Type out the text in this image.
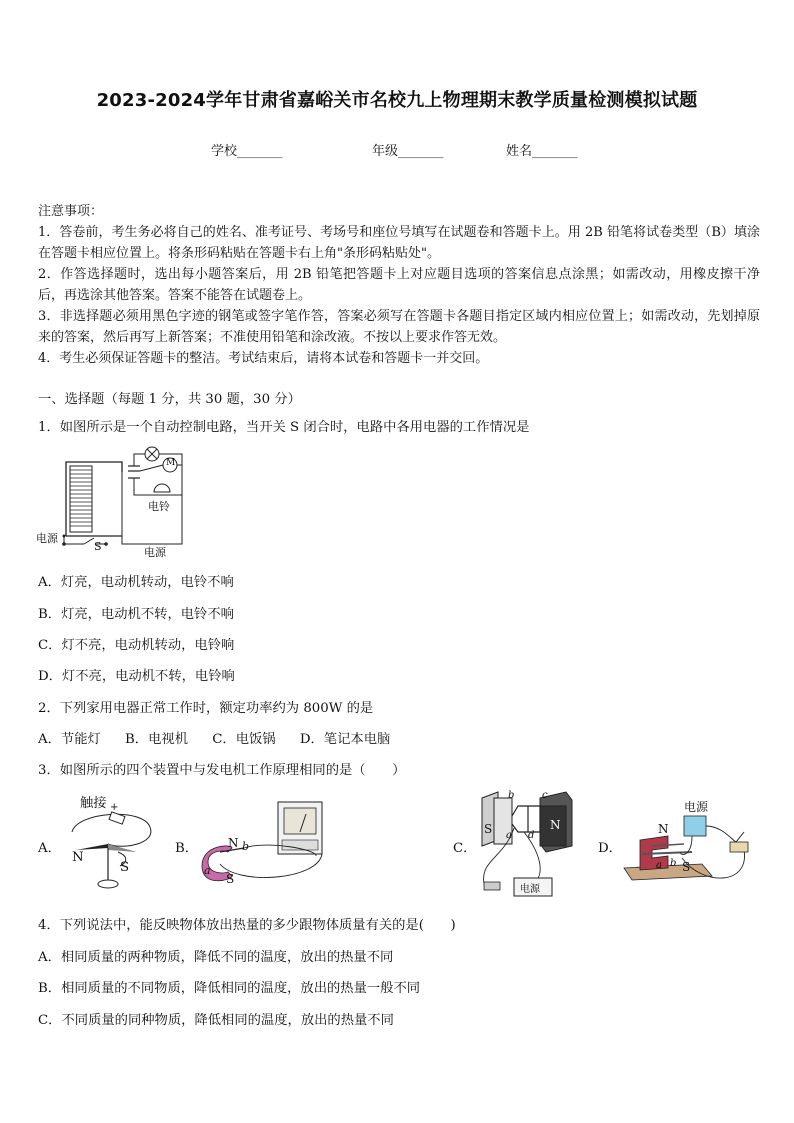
2023-2024学年甘肃省嘉峪关市名校九上物理期末教学质量检测模拟试题
学校_______	年级_______	姓名_______

注意事项：

1．答卷前，考生务必将自己的姓名、准考证号、考场号和座位号填写在试题卷和答题卡上。用 2B 铅笔将试卷类型（B）填涂在答题卡相应位置上。将条形码粘贴在答题卡右上角"条形码粘贴处"。

2．作答选择题时，选出每小题答案后，用 2B 铅笔把答题卡上对应题目选项的答案信息点涂黑；如需改动，用橡皮擦干净后，再选涂其他答案。答案不能答在试题卷上。

3．非选择题必须用黑色字迹的钢笔或签字笔作答，答案必须写在答题卡各题目指定区域内相应位置上；如需改动，先划掉原来的答案，然后再写上新答案；不准使用铅笔和涂改液。不按以上要求作答无效。

4．考生必须保证答题卡的整洁。考试结束后，请将本试卷和答题卡一并交回。

一、选择题（每题 1 分，共 30 题，30 分）
1．如图所示是一个自动控制电路，当开关 S 闭合时，电路中各用电器的工作情况是
电源
S	电源
电铃
M
A．灯亮，电动机转动，电铃不响
B．灯亮，电动机不转，电铃不响
C．灯不亮，电动机转动，电铃响
D．灯不亮，电动机不转，电铃响
2．下列家用电器正常工作时，额定功率约为 800W 的是
A．节能灯 B．电视机 C．电饭锅 D．笔记本电脑
3．如图所示的四个装置中与发电机工作原理相同的是（　　）
A．
触接 +
N
S
B． N b
a
S
C．
S	N
b	c
a d
电源
D．
电源
N
a b S
4．下列说法中，能反映物体放出热量的多少跟物体质量有关的是(　　)
A．相同质量的两种物质，降低不同的温度，放出的热量不同
B．相同质量的不同物质，降低相同的温度，放出的热量一般不同
C．不同质量的同种物质，降低相同的温度，放出的热量不同
